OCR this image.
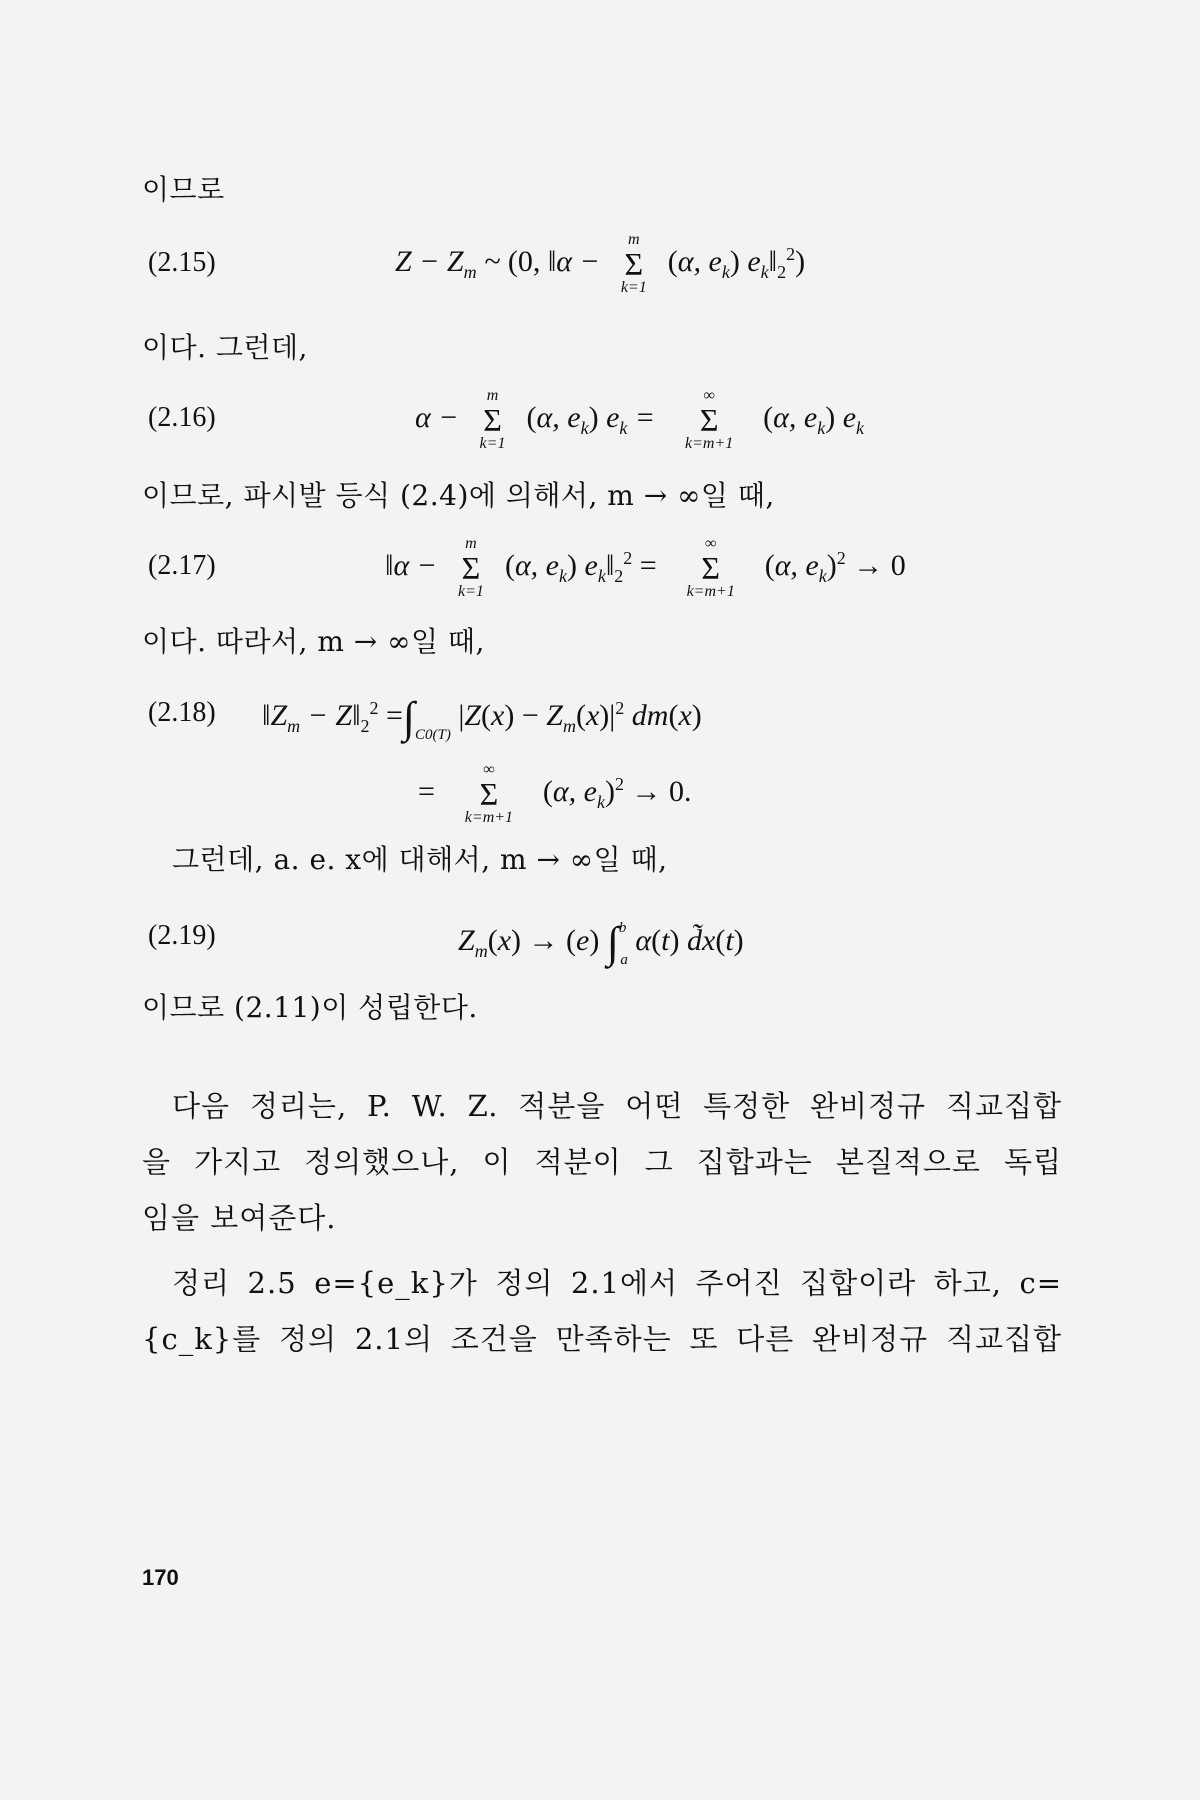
이므로
(2.15)	$Z - Z_m$ ~ (0, ‖α −
m
Σ
k=1
(α, $e_k$) $e_k‖_2^2$)
이다. 그런데,
(2.16)	α −
m
Σ
k=1
(α, $e_k$) $e_k$ =
∞
Σ
k=m+1
(α, $e_k$) $e_k$
이므로, 파시발 등식 (2.4)에 의해서, m → ∞일 때,
(2.17)	‖α −
m
Σ
k=1
(α, $e_k$) $e_k‖_2^2$ =
∞
Σ
k=m+1
(α, $e_k)^2 \to 0$
이다. 따라서, m → ∞일 때,
(2.18) $‖Z_m$ − $Z‖_2^2 =\int_{C0(T)}$ $|Z(x) - Z_m(x)|^2$ dm(x)
=
∞
Σ
k=m+1
(α, $e_k)^2 \to 0$.
그런데, a. e. x에 대해서, m → ∞일 때,
(2.19)	$Z_m(x) \to (e)$ ∫$^b_a$ α(t) d̃x(t)
이므로 (2.11)이 성립한다.
다음 정리는, P. W. Z. 적분을 어떤 특정한 완비정규 직교집합
을 가지고 정의했으나, 이 적분이 그 집합과는 본질적으로 독립
임을 보여준다.
정리 2.5 e={e_k}가 정의 2.1에서 주어진 집합이라 하고, c=
{c_k}를 정의 2.1의 조건을 만족하는 또 다른 완비정규 직교집합
170
